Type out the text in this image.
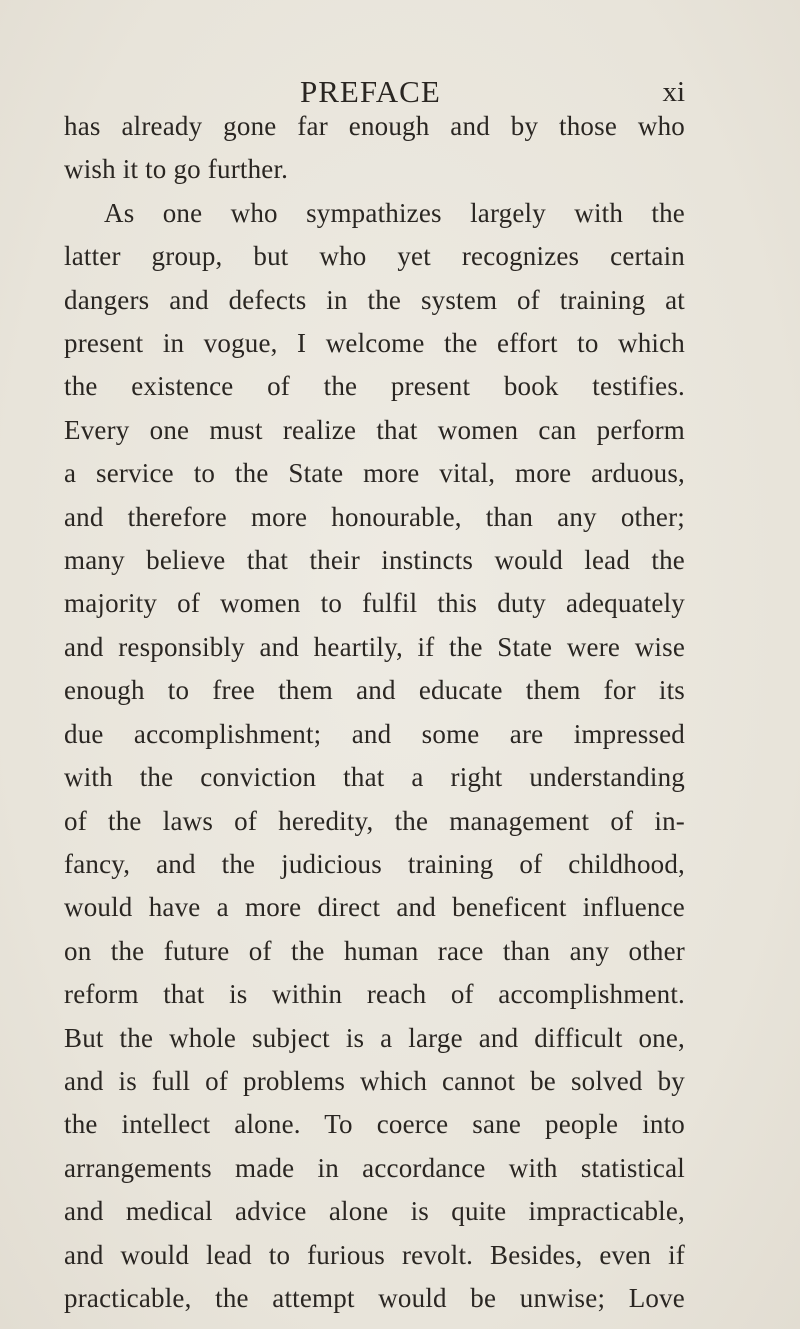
PREFACE	xi
has already gone far enough and by those who
wish it to go further.
As one who sympathizes largely with the
latter group, but who yet recognizes certain
dangers and defects in the system of training at
present in vogue, I welcome the effort to which
the existence of the present book testifies.
Every one must realize that women can perform
a service to the State more vital, more arduous,
and therefore more honourable, than any other;
many believe that their instincts would lead the
majority of women to fulfil this duty adequately
and responsibly and heartily, if the State were wise
enough to free them and educate them for its
due accomplishment; and some are impressed
with the conviction that a right understanding
of the laws of heredity, the management of in-
fancy, and the judicious training of childhood,
would have a more direct and beneficent influence
on the future of the human race than any other
reform that is within reach of accomplishment.
But the whole subject is a large and difficult one,
and is full of problems which cannot be solved by
the intellect alone. To coerce sane people into
arrangements made in accordance with statistical
and medical advice alone is quite impracticable,
and would lead to furious revolt. Besides, even if
practicable, the attempt would be unwise; Love
